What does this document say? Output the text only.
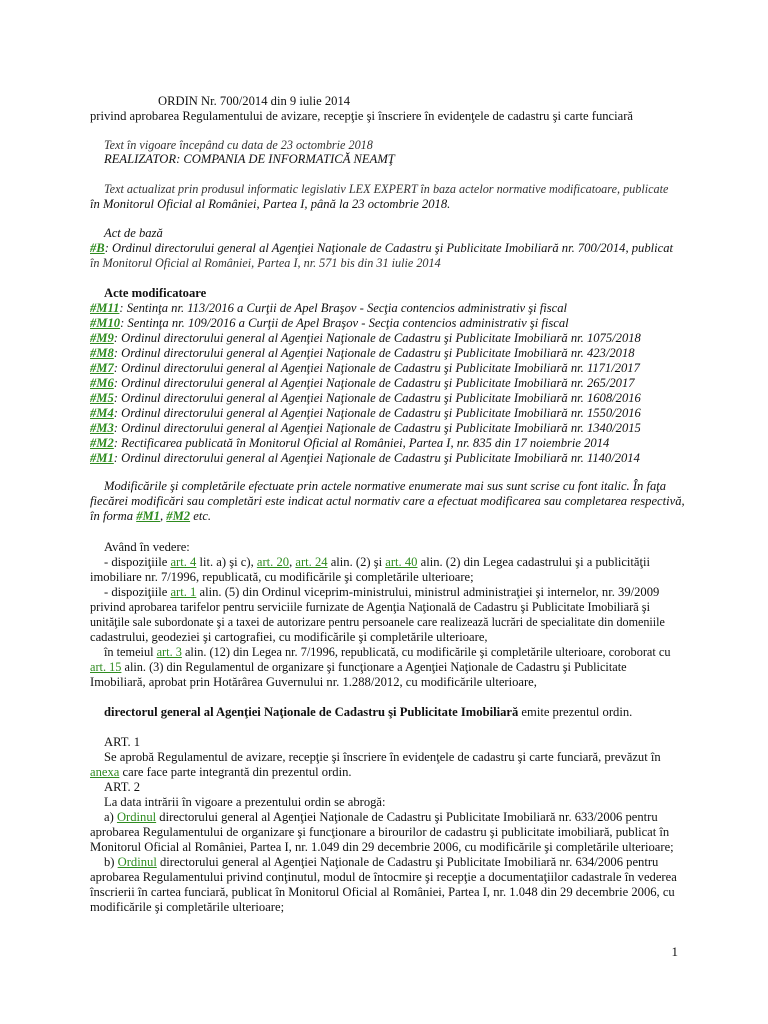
ORDIN Nr. 700/2014 din 9 iulie 2014
privind aprobarea Regulamentului de avizare, recepţie şi înscriere în evidenţele de cadastru şi carte funciară
Text în vigoare începând cu data de 23 octombrie 2018
REALIZATOR: COMPANIA DE INFORMATICĂ NEAMŢ
Text actualizat prin produsul informatic legislativ LEX EXPERT în baza actelor normative modificatoare, publicate
în Monitorul Oficial al României, Partea I, până la 23 octombrie 2018.
Act de bază
#B: Ordinul directorului general al Agenţiei Naţionale de Cadastru şi Publicitate Imobiliară nr. 700/2014, publicat
în Monitorul Oficial al României, Partea I, nr. 571 bis din 31 iulie 2014
Acte modificatoare
#M11: Sentinţa nr. 113/2016 a Curţii de Apel Braşov - Secţia contencios administrativ şi fiscal
#M10: Sentinţa nr. 109/2016 a Curţii de Apel Braşov - Secţia contencios administrativ şi fiscal
#M9: Ordinul directorului general al Agenţiei Naţionale de Cadastru şi Publicitate Imobiliară nr. 1075/2018
#M8: Ordinul directorului general al Agenţiei Naţionale de Cadastru şi Publicitate Imobiliară nr. 423/2018
#M7: Ordinul directorului general al Agenţiei Naţionale de Cadastru şi Publicitate Imobiliară nr. 1171/2017
#M6: Ordinul directorului general al Agenţiei Naţionale de Cadastru şi Publicitate Imobiliară nr. 265/2017
#M5: Ordinul directorului general al Agenţiei Naţionale de Cadastru şi Publicitate Imobiliară nr. 1608/2016
#M4: Ordinul directorului general al Agenţiei Naţionale de Cadastru şi Publicitate Imobiliară nr. 1550/2016
#M3: Ordinul directorului general al Agenţiei Naţionale de Cadastru şi Publicitate Imobiliară nr. 1340/2015
#M2: Rectificarea publicată în Monitorul Oficial al României, Partea I, nr. 835 din 17 noiembrie 2014
#M1: Ordinul directorului general al Agenţiei Naţionale de Cadastru şi Publicitate Imobiliară nr. 1140/2014
Modificările şi completările efectuate prin actele normative enumerate mai sus sunt scrise cu font italic. În faţa
fiecărei modificări sau completări este indicat actul normativ care a efectuat modificarea sau completarea respectivă,
în forma #M1, #M2 etc.
Având în vedere:
- dispoziţiile art. 4 lit. a) şi c), art. 20, art. 24 alin. (2) şi art. 40 alin. (2) din Legea cadastrului şi a publicităţii
imobiliare nr. 7/1996, republicată, cu modificările şi completările ulterioare;
- dispoziţiile art. 1 alin. (5) din Ordinul viceprim-ministrului, ministrul administraţiei şi internelor, nr. 39/2009
privind aprobarea tarifelor pentru serviciile furnizate de Agenţia Naţională de Cadastru şi Publicitate Imobiliară şi
unităţile sale subordonate şi a taxei de autorizare pentru persoanele care realizează lucrări de specialitate din domeniile
cadastrului, geodeziei şi cartografiei, cu modificările şi completările ulterioare,
în temeiul art. 3 alin. (12) din Legea nr. 7/1996, republicată, cu modificările şi completările ulterioare, coroborat cu
art. 15 alin. (3) din Regulamentul de organizare şi funcţionare a Agenţiei Naţionale de Cadastru şi Publicitate
Imobiliară, aprobat prin Hotărârea Guvernului nr. 1.288/2012, cu modificările ulterioare,
directorul general al Agenţiei Naţionale de Cadastru şi Publicitate Imobiliară emite prezentul ordin.
ART. 1
Se aprobă Regulamentul de avizare, recepţie şi înscriere în evidenţele de cadastru şi carte funciară, prevăzut în
anexa care face parte integrantă din prezentul ordin.
ART. 2
La data intrării în vigoare a prezentului ordin se abrogă:
a) Ordinul directorului general al Agenţiei Naţionale de Cadastru şi Publicitate Imobiliară nr. 633/2006 pentru
aprobarea Regulamentului de organizare şi funcţionare a birourilor de cadastru şi publicitate imobiliară, publicat în
Monitorul Oficial al României, Partea I, nr. 1.049 din 29 decembrie 2006, cu modificările şi completările ulterioare;
b) Ordinul directorului general al Agenţiei Naţionale de Cadastru şi Publicitate Imobiliară nr. 634/2006 pentru
aprobarea Regulamentului privind conţinutul, modul de întocmire şi recepţie a documentaţiilor cadastrale în vederea
înscrierii în cartea funciară, publicat în Monitorul Oficial al României, Partea I, nr. 1.048 din 29 decembrie 2006, cu
modificările şi completările ulterioare;
1
